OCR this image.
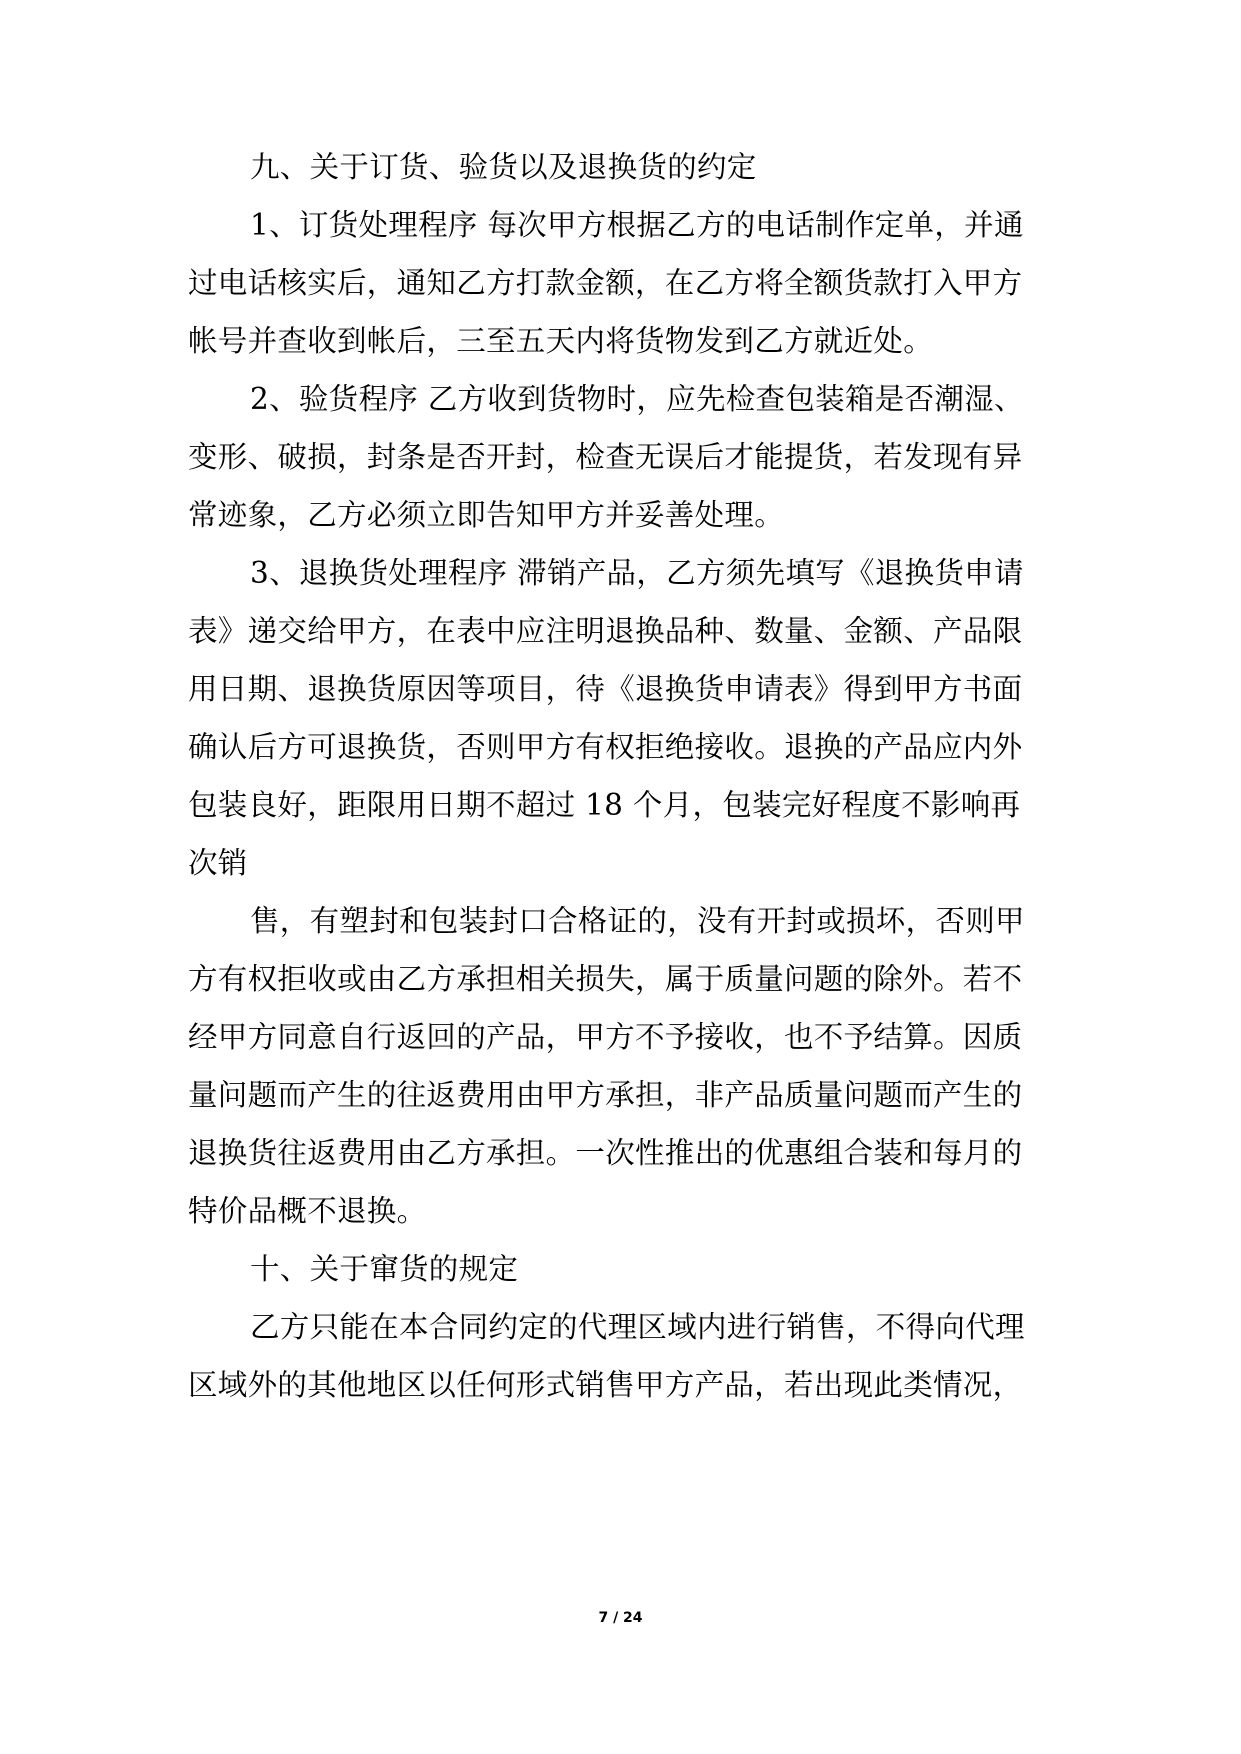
九、关于订货、验货以及退换货的约定
1、订货处理程序 每次甲方根据乙方的电话制作定单，并通
过电话核实后，通知乙方打款金额，在乙方将全额货款打入甲方
帐号并查收到帐后，三至五天内将货物发到乙方就近处。
2、验货程序 乙方收到货物时，应先检查包装箱是否潮湿、
变形、破损，封条是否开封，检查无误后才能提货，若发现有异
常迹象，乙方必须立即告知甲方并妥善处理。
3、退换货处理程序 滞销产品，乙方须先填写《退换货申请
表》递交给甲方，在表中应注明退换品种、数量、金额、产品限
用日期、退换货原因等项目，待《退换货申请表》得到甲方书面
确认后方可退换货，否则甲方有权拒绝接收。退换的产品应内外
包装良好，距限用日期不超过 18 个月，包装完好程度不影响再
次销
售，有塑封和包装封口合格证的，没有开封或损坏，否则甲
方有权拒收或由乙方承担相关损失，属于质量问题的除外。若不
经甲方同意自行返回的产品，甲方不予接收，也不予结算。因质
量问题而产生的往返费用由甲方承担，非产品质量问题而产生的
退换货往返费用由乙方承担。一次性推出的优惠组合装和每月的
特价品概不退换。
十、关于窜货的规定
乙方只能在本合同约定的代理区域内进行销售，不得向代理
区域外的其他地区以任何形式销售甲方产品，若出现此类情况，
7 / 24
